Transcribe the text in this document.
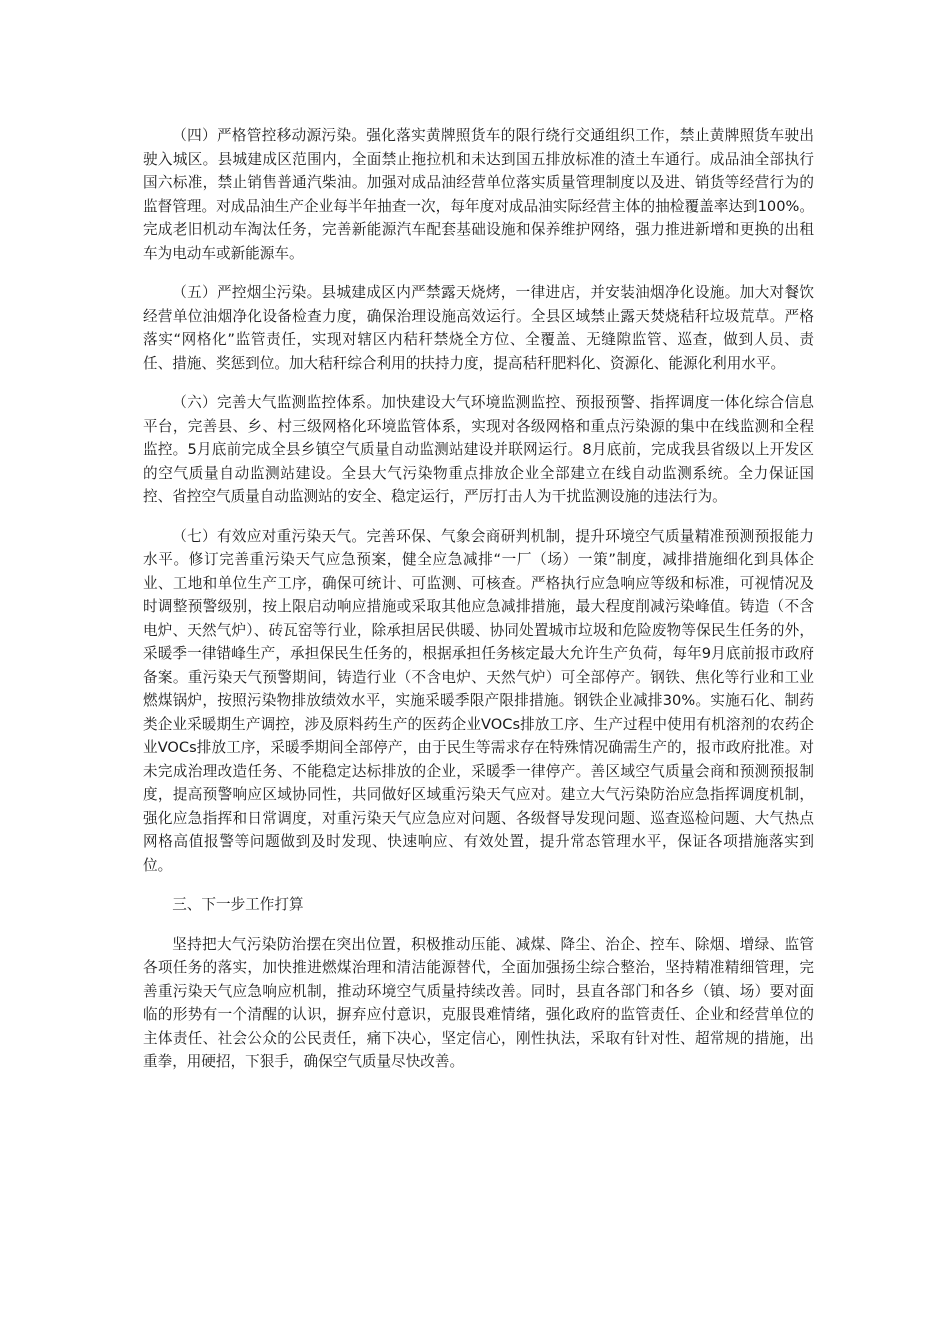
（四）严格管控移动源污染。强化落实黄牌照货车的限行绕行交通组织工作，禁止黄牌照货车驶出驶入城区。县城建成区范围内，全面禁止拖拉机和未达到国五排放标准的渣土车通行。成品油全部执行国六标准，禁止销售普通汽柴油。加强对成品油经营单位落实质量管理制度以及进、销货等经营行为的监督管理。对成品油生产企业每半年抽查一次，每年度对成品油实际经营主体的抽检覆盖率达到100%。完成老旧机动车淘汰任务，完善新能源汽车配套基础设施和保养维护网络，强力推进新增和更换的出租车为电动车或新能源车。

（五）严控烟尘污染。县城建成区内严禁露天烧烤，一律进店，并安装油烟净化设施。加大对餐饮经营单位油烟净化设备检查力度，确保治理设施高效运行。全县区域禁止露天焚烧秸秆垃圾荒草。严格落实“网格化”监管责任，实现对辖区内秸秆禁烧全方位、全覆盖、无缝隙监管、巡查，做到人员、责任、措施、奖惩到位。加大秸秆综合利用的扶持力度，提高秸秆肥料化、资源化、能源化利用水平。

（六）完善大气监测监控体系。加快建设大气环境监测监控、预报预警、指挥调度一体化综合信息平台，完善县、乡、村三级网格化环境监管体系，实现对各级网格和重点污染源的集中在线监测和全程监控。5月底前完成全县乡镇空气质量自动监测站建设并联网运行。8月底前，完成我县省级以上开发区的空气质量自动监测站建设。全县大气污染物重点排放企业全部建立在线自动监测系统。全力保证国控、省控空气质量自动监测站的安全、稳定运行，严厉打击人为干扰监测设施的违法行为。

（七）有效应对重污染天气。完善环保、气象会商研判机制，提升环境空气质量精准预测预报能力水平。修订完善重污染天气应急预案，健全应急减排“一厂（场）一策”制度，减排措施细化到具体企业、工地和单位生产工序，确保可统计、可监测、可核查。严格执行应急响应等级和标准，可视情况及时调整预警级别，按上限启动响应措施或采取其他应急减排措施，最大程度削减污染峰值。铸造（不含电炉、天然气炉）、砖瓦窑等行业，除承担居民供暖、协同处置城市垃圾和危险废物等保民生任务的外，采暖季一律错峰生产，承担保民生任务的，根据承担任务核定最大允许生产负荷，每年9月底前报市政府备案。重污染天气预警期间，铸造行业（不含电炉、天然气炉）可全部停产。钢铁、焦化等行业和工业燃煤锅炉，按照污染物排放绩效水平，实施采暖季限产限排措施。钢铁企业减排30%。实施石化、制药类企业采暖期生产调控，涉及原料药生产的医药企业VOCs排放工序、生产过程中使用有机溶剂的农药企业VOCs排放工序，采暖季期间全部停产，由于民生等需求存在特殊情况确需生产的，报市政府批准。对未完成治理改造任务、不能稳定达标排放的企业，采暖季一律停产。善区域空气质量会商和预测预报制度，提高预警响应区域协同性，共同做好区域重污染天气应对。建立大气污染防治应急指挥调度机制，强化应急指挥和日常调度，对重污染天气应急应对问题、各级督导发现问题、巡查巡检问题、大气热点网格高值报警等问题做到及时发现、快速响应、有效处置，提升常态管理水平，保证各项措施落实到位。

三、下一步工作打算

坚持把大气污染防治摆在突出位置，积极推动压能、减煤、降尘、治企、控车、除烟、增绿、监管各项任务的落实，加快推进燃煤治理和清洁能源替代，全面加强扬尘综合整治，坚持精准精细管理，完善重污染天气应急响应机制，推动环境空气质量持续改善。同时，县直各部门和各乡（镇、场）要对面临的形势有一个清醒的认识，摒弃应付意识，克服畏难情绪，强化政府的监管责任、企业和经营单位的主体责任、社会公众的公民责任，痛下决心，坚定信心，刚性执法，采取有针对性、超常规的措施，出重拳，用硬招，下狠手，确保空气质量尽快改善。
